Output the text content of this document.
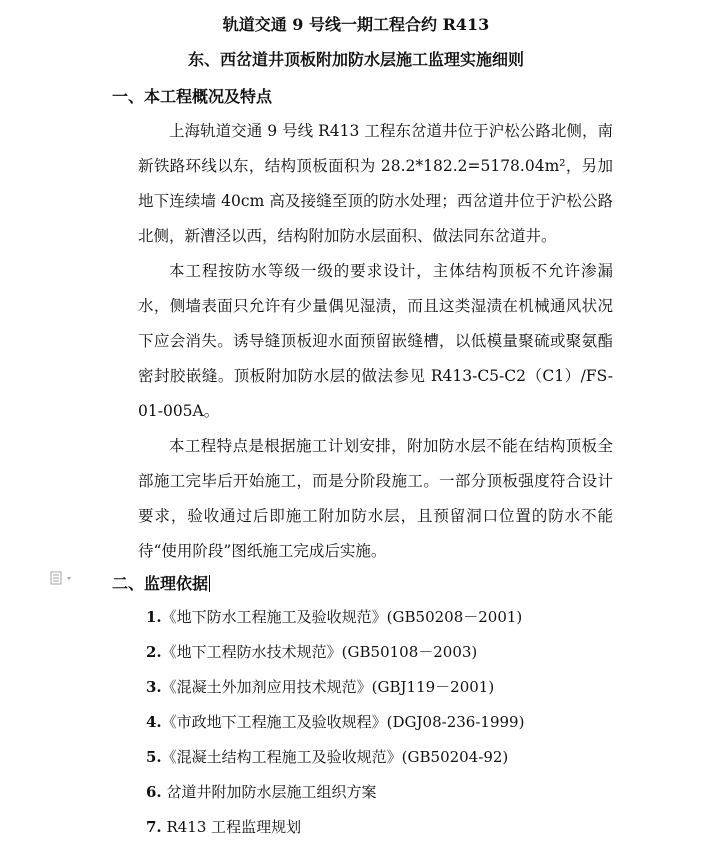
轨道交通 9 号线一期工程合约 R413
东、西岔道井顶板附加防水层施工监理实施细则
一、本工程概况及特点

上海轨道交通 9 号线 R413 工程东岔道井位于沪松公路北侧，南新铁路环线以东，结构顶板面积为 28.2*182.2=5178.04m²，另加地下连续墙 40cm 高及接缝至顶的防水处理；西岔道井位于沪松公路北侧，新漕泾以西，结构附加防水层面积、做法同东岔道井。

本工程按防水等级一级的要求设计，主体结构顶板不允许渗漏水，侧墙表面只允许有少量偶见湿渍，而且这类湿渍在机械通风状况下应会消失。诱导缝顶板迎水面预留嵌缝槽，以低模量聚硫或聚氨酯密封胶嵌缝。顶板附加防水层的做法参见 R413-C5-C2（C1）/FS-01-005A。

本工程特点是根据施工计划安排，附加防水层不能在结构顶板全部施工完毕后开始施工，而是分阶段施工。一部分顶板强度符合设计要求，验收通过后即施工附加防水层，且预留洞口位置的防水不能待“使用阶段”图纸施工完成后实施。

二、监理依据
1.《地下防水工程施工及验收规范》(GB50208－2001)
2.《地下工程防水技术规范》(GB50108－2003)
3.《混凝土外加剂应用技术规范》(GBJ119－2001)
4.《市政地下工程施工及验收规程》(DGJ08-236-1999)
5.《混凝土结构工程施工及验收规范》(GB50204-92)
6. 岔道井附加防水层施工组织方案
7. R413 工程监理规划
